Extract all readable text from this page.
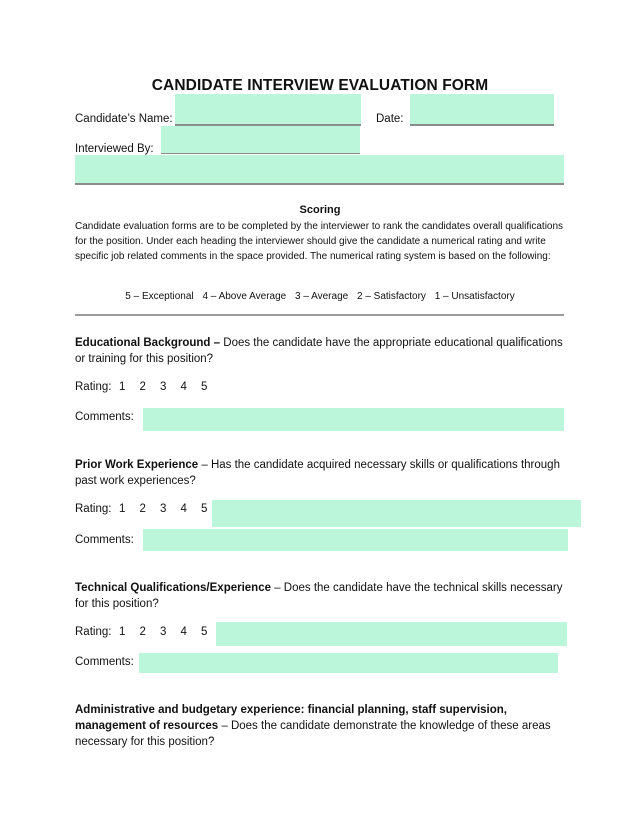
CANDIDATE INTERVIEW EVALUATION FORM
Candidate’s Name:	Date:
Interviewed By:
Scoring
Candidate evaluation forms are to be completed by the interviewer to rank the candidates overall qualifications for the position. Under each heading the interviewer should give the candidate a numerical rating and write specific job related comments in the space provided. The numerical rating system is based on the following:
5 – Exceptional 4 – Above Average 3 – Average 2 – Satisfactory 1 – Unsatisfactory
Educational Background – Does the candidate have the appropriate educational qualifications or training for this position?
Rating: 1 2 3 4 5
Comments:
Prior Work Experience – Has the candidate acquired necessary skills or qualifications through past work experiences?
Rating: 1 2 3 4 5
Comments:
Technical Qualifications/Experience – Does the candidate have the technical skills necessary for this position?
Rating: 1 2 3 4 5
Comments:
Administrative and budgetary experience: financial planning, staff supervision, management of resources – Does the candidate demonstrate the knowledge of these areas necessary for this position?
